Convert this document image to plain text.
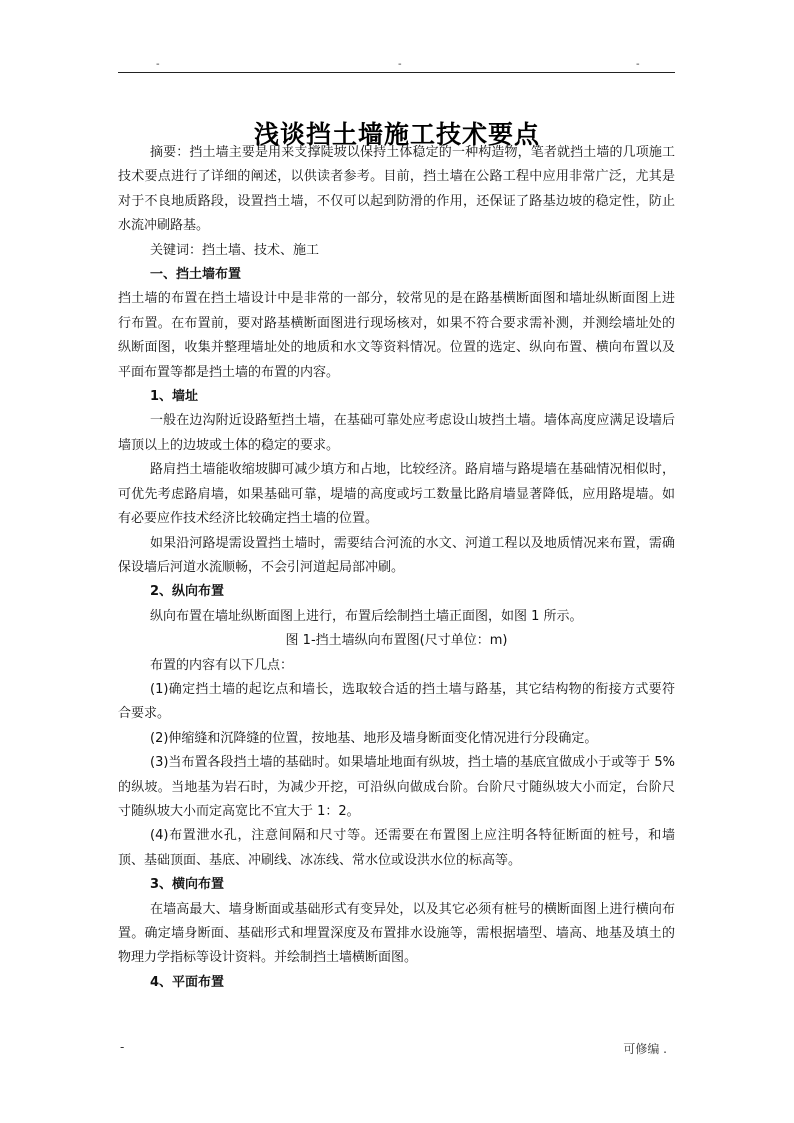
-	-	-
浅谈挡土墙施工技术要点

摘要：挡土墙主要是用来支撑陡坡以保持土体稳定的一种构造物，笔者就挡土墙的几项施工技术要点进行了详细的阐述，以供读者参考。目前，挡土墙在公路工程中应用非常广泛，尤其是对于不良地质路段，设置挡土墙，不仅可以起到防滑的作用，还保证了路基边坡的稳定性，防止水流冲刷路基。

关键词：挡土墙、技术、施工

一、挡土墙布置

挡土墙的布置在挡土墙设计中是非常的一部分，较常见的是在路基横断面图和墙址纵断面图上进行布置。在布置前，要对路基横断面图进行现场核对，如果不符合要求需补测，并测绘墙址处的纵断面图，收集并整理墙址处的地质和水文等资料情况。位置的选定、纵向布置、横向布置以及平面布置等都是挡土墙的布置的内容。

1、墙址

一般在边沟附近设路堑挡土墙，在基础可靠处应考虑设山坡挡土墙。墙体高度应满足设墙后墙顶以上的边坡或土体的稳定的要求。

路肩挡土墙能收缩坡脚可减少填方和占地，比较经济。路肩墙与路堤墙在基础情况相似时，可优先考虑路肩墙，如果基础可靠，堤墙的高度或圬工数量比路肩墙显著降低，应用路堤墙。如有必要应作技术经济比较确定挡土墙的位置。

如果沿河路堤需设置挡土墙时，需要结合河流的水文、河道工程以及地质情况来布置，需确保设墙后河道水流顺畅，不会引河道起局部冲刷。

2、纵向布置

纵向布置在墙址纵断面图上进行，布置后绘制挡土墙正面图，如图 1 所示。

图 1-挡土墙纵向布置图(尺寸单位：m)

布置的内容有以下几点：

(1)确定挡土墙的起讫点和墙长，选取较合适的挡土墙与路基，其它结构物的衔接方式要符合要求。

(2)伸缩缝和沉降缝的位置，按地基、地形及墙身断面变化情况进行分段确定。

(3)当布置各段挡土墙的基础时。如果墙址地面有纵坡，挡土墙的基底宜做成小于或等于 5%的纵坡。当地基为岩石时，为减少开挖，可沿纵向做成台阶。台阶尺寸随纵坡大小而定，台阶尺寸随纵坡大小而定高宽比不宜大于 1：2。

(4)布置泄水孔，注意间隔和尺寸等。还需要在布置图上应注明各特征断面的桩号，和墙顶、基础顶面、基底、冲刷线、冰冻线、常水位或设洪水位的标高等。

3、横向布置

在墙高最大、墙身断面或基础形式有变异处，以及其它必须有桩号的横断面图上进行横向布置。确定墙身断面、基础形式和埋置深度及布置排水设施等，需根据墙型、墙高、地基及填土的物理力学指标等设计资料。并绘制挡土墙横断面图。

4、平面布置

-	可修编 .
